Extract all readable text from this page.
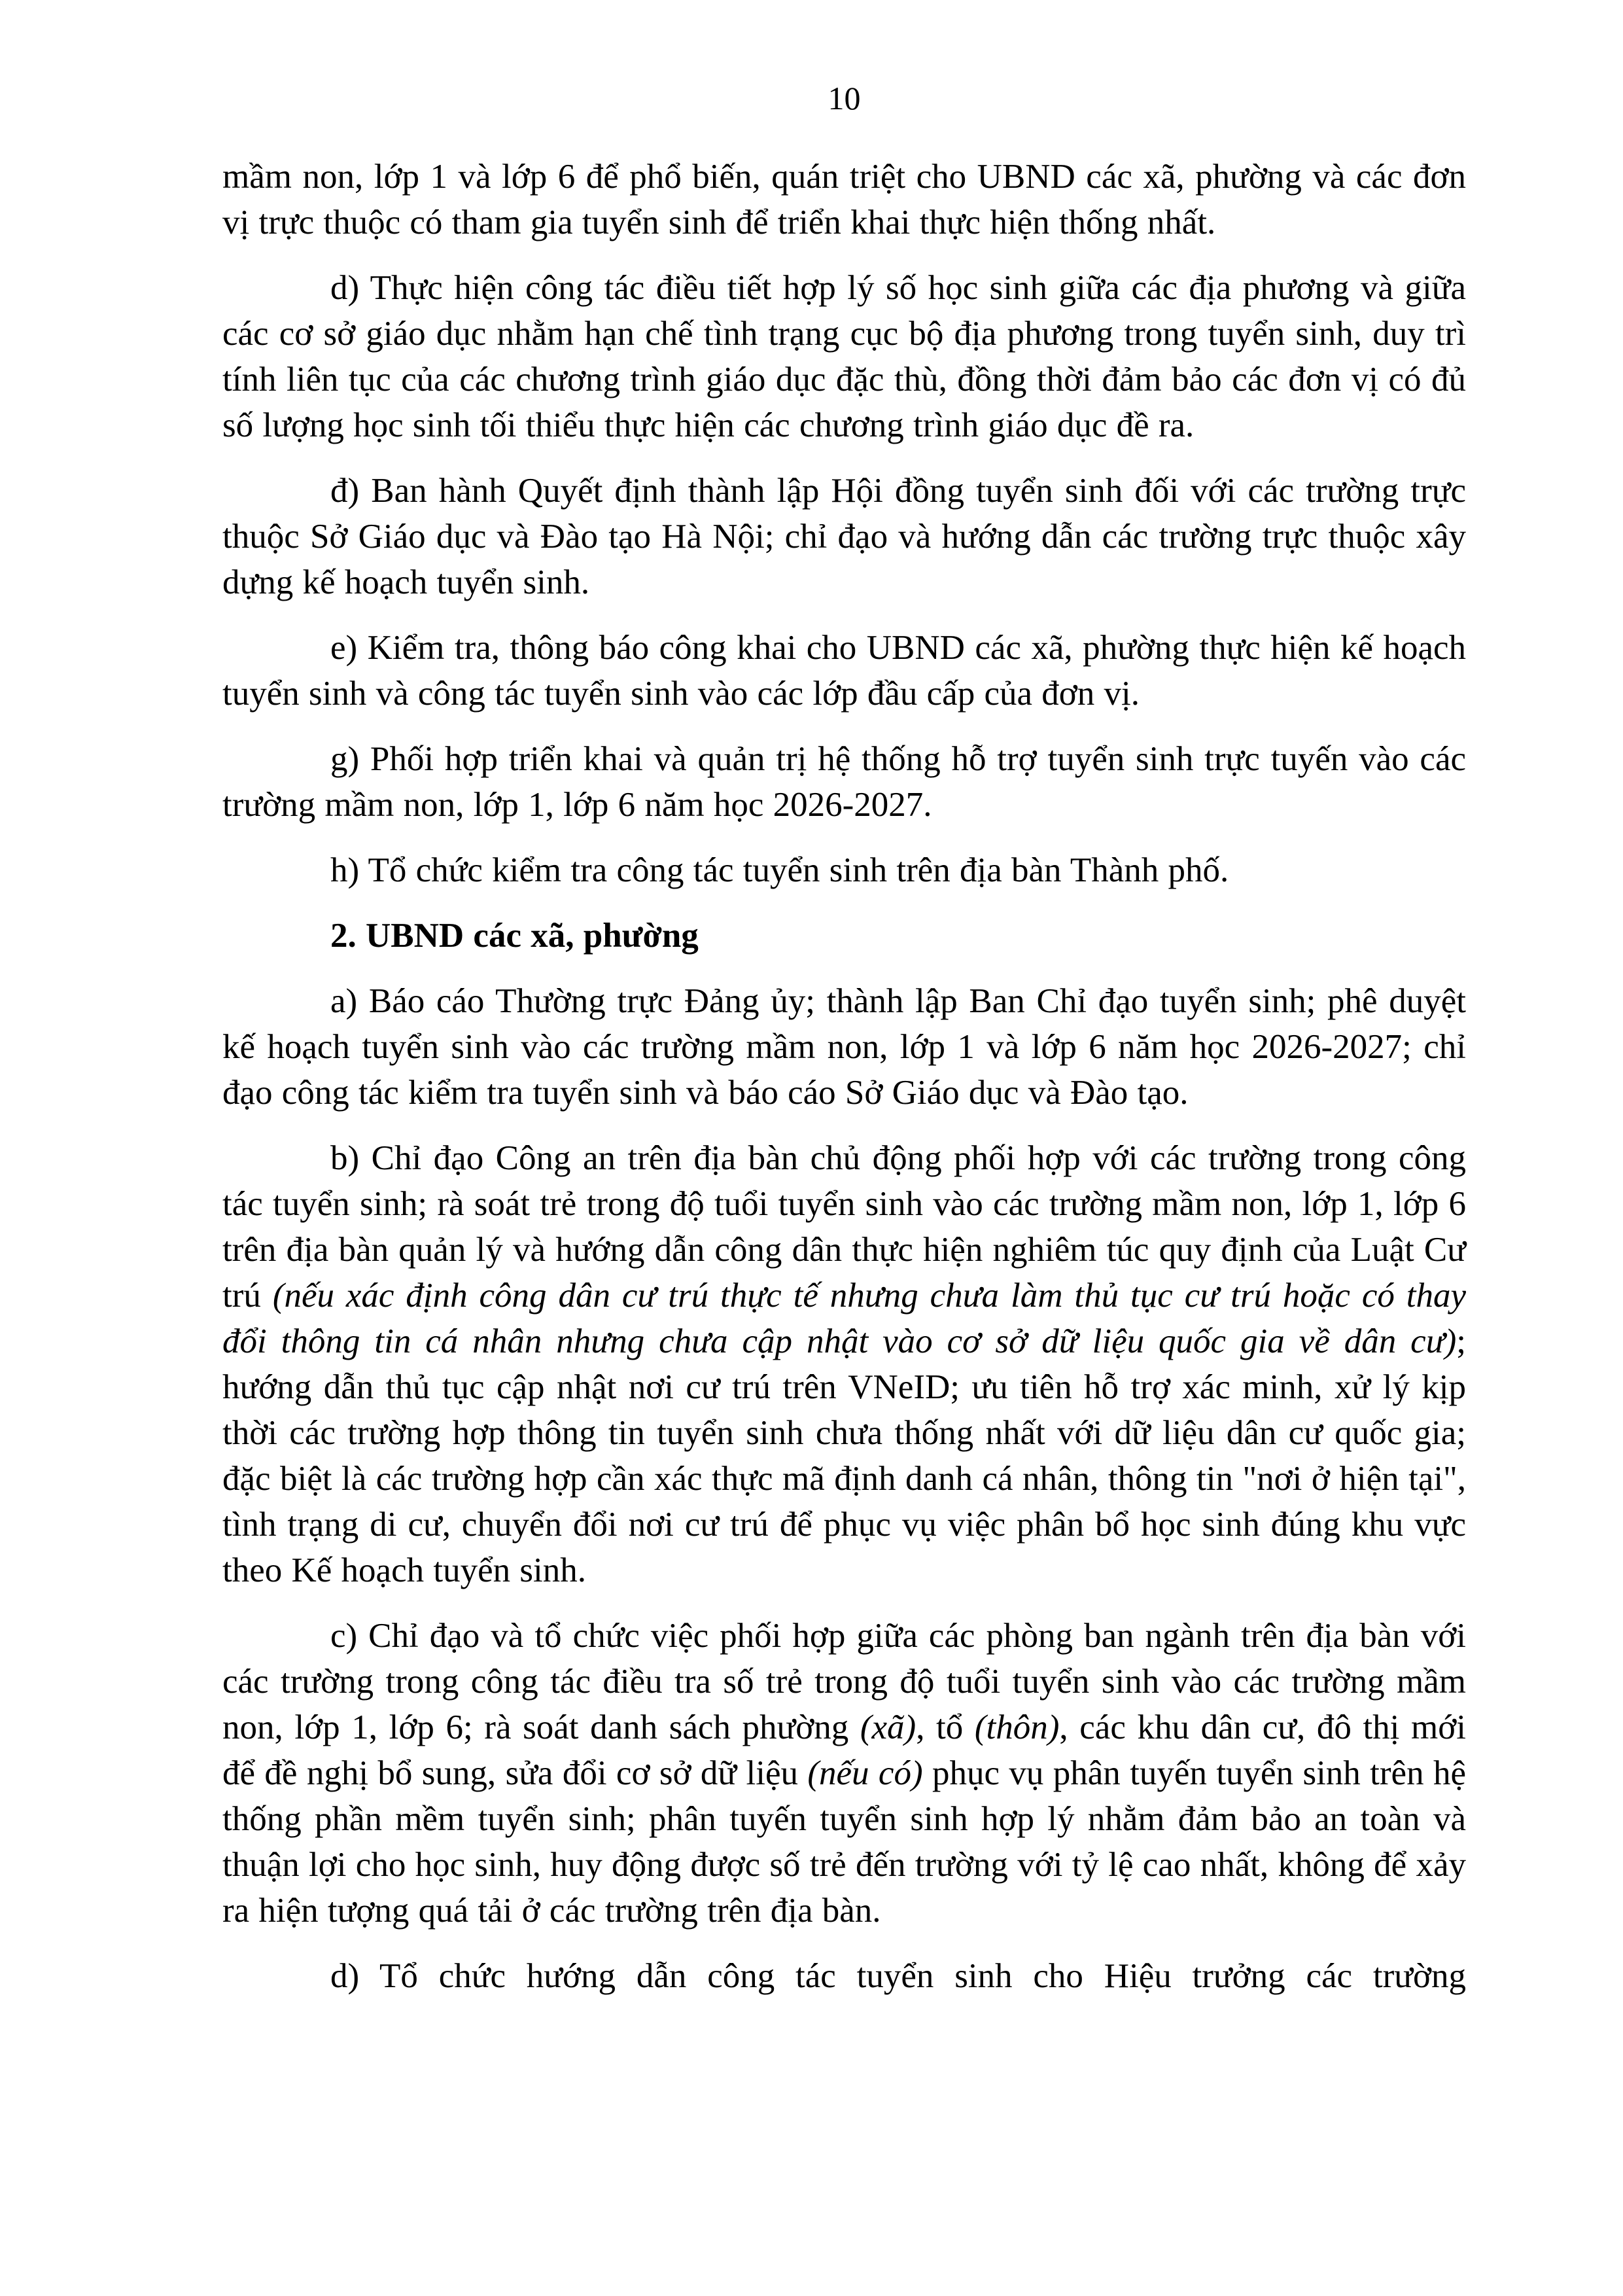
10

mầm non, lớp 1 và lớp 6 để phổ biến, quán triệt cho UBND các xã, phường và các đơn vị trực thuộc có tham gia tuyển sinh để triển khai thực hiện thống nhất.

d) Thực hiện công tác điều tiết hợp lý số học sinh giữa các địa phương và giữa các cơ sở giáo dục nhằm hạn chế tình trạng cục bộ địa phương trong tuyển sinh, duy trì tính liên tục của các chương trình giáo dục đặc thù, đồng thời đảm bảo các đơn vị có đủ số lượng học sinh tối thiểu thực hiện các chương trình giáo dục đề ra.

đ) Ban hành Quyết định thành lập Hội đồng tuyển sinh đối với các trường trực thuộc Sở Giáo dục và Đào tạo Hà Nội; chỉ đạo và hướng dẫn các trường trực thuộc xây dựng kế hoạch tuyển sinh.

e) Kiểm tra, thông báo công khai cho UBND các xã, phường thực hiện kế hoạch tuyển sinh và công tác tuyển sinh vào các lớp đầu cấp của đơn vị.

g) Phối hợp triển khai và quản trị hệ thống hỗ trợ tuyển sinh trực tuyến vào các trường mầm non, lớp 1, lớp 6 năm học 2026-2027.

h) Tổ chức kiểm tra công tác tuyển sinh trên địa bàn Thành phố.

2. UBND các xã, phường

a) Báo cáo Thường trực Đảng ủy; thành lập Ban Chỉ đạo tuyển sinh; phê duyệt kế hoạch tuyển sinh vào các trường mầm non, lớp 1 và lớp 6 năm học 2026-2027; chỉ đạo công tác kiểm tra tuyển sinh và báo cáo Sở Giáo dục và Đào tạo.

b) Chỉ đạo Công an trên địa bàn chủ động phối hợp với các trường trong công tác tuyển sinh; rà soát trẻ trong độ tuổi tuyển sinh vào các trường mầm non, lớp 1, lớp 6 trên địa bàn quản lý và hướng dẫn công dân thực hiện nghiêm túc quy định của Luật Cư trú (nếu xác định công dân cư trú thực tế nhưng chưa làm thủ tục cư trú hoặc có thay đổi thông tin cá nhân nhưng chưa cập nhật vào cơ sở dữ liệu quốc gia về dân cư); hướng dẫn thủ tục cập nhật nơi cư trú trên VNeID; ưu tiên hỗ trợ xác minh, xử lý kịp thời các trường hợp thông tin tuyển sinh chưa thống nhất với dữ liệu dân cư quốc gia; đặc biệt là các trường hợp cần xác thực mã định danh cá nhân, thông tin "nơi ở hiện tại", tình trạng di cư, chuyển đổi nơi cư trú để phục vụ việc phân bổ học sinh đúng khu vực theo Kế hoạch tuyển sinh.

c) Chỉ đạo và tổ chức việc phối hợp giữa các phòng ban ngành trên địa bàn với các trường trong công tác điều tra số trẻ trong độ tuổi tuyển sinh vào các trường mầm non, lớp 1, lớp 6; rà soát danh sách phường (xã), tổ (thôn), các khu dân cư, đô thị mới để đề nghị bổ sung, sửa đổi cơ sở dữ liệu (nếu có) phục vụ phân tuyến tuyển sinh trên hệ thống phần mềm tuyển sinh; phân tuyến tuyển sinh hợp lý nhằm đảm bảo an toàn và thuận lợi cho học sinh, huy động được số trẻ đến trường với tỷ lệ cao nhất, không để xảy ra hiện tượng quá tải ở các trường trên địa bàn.

d) Tổ chức hướng dẫn công tác tuyển sinh cho Hiệu trưởng các trường
